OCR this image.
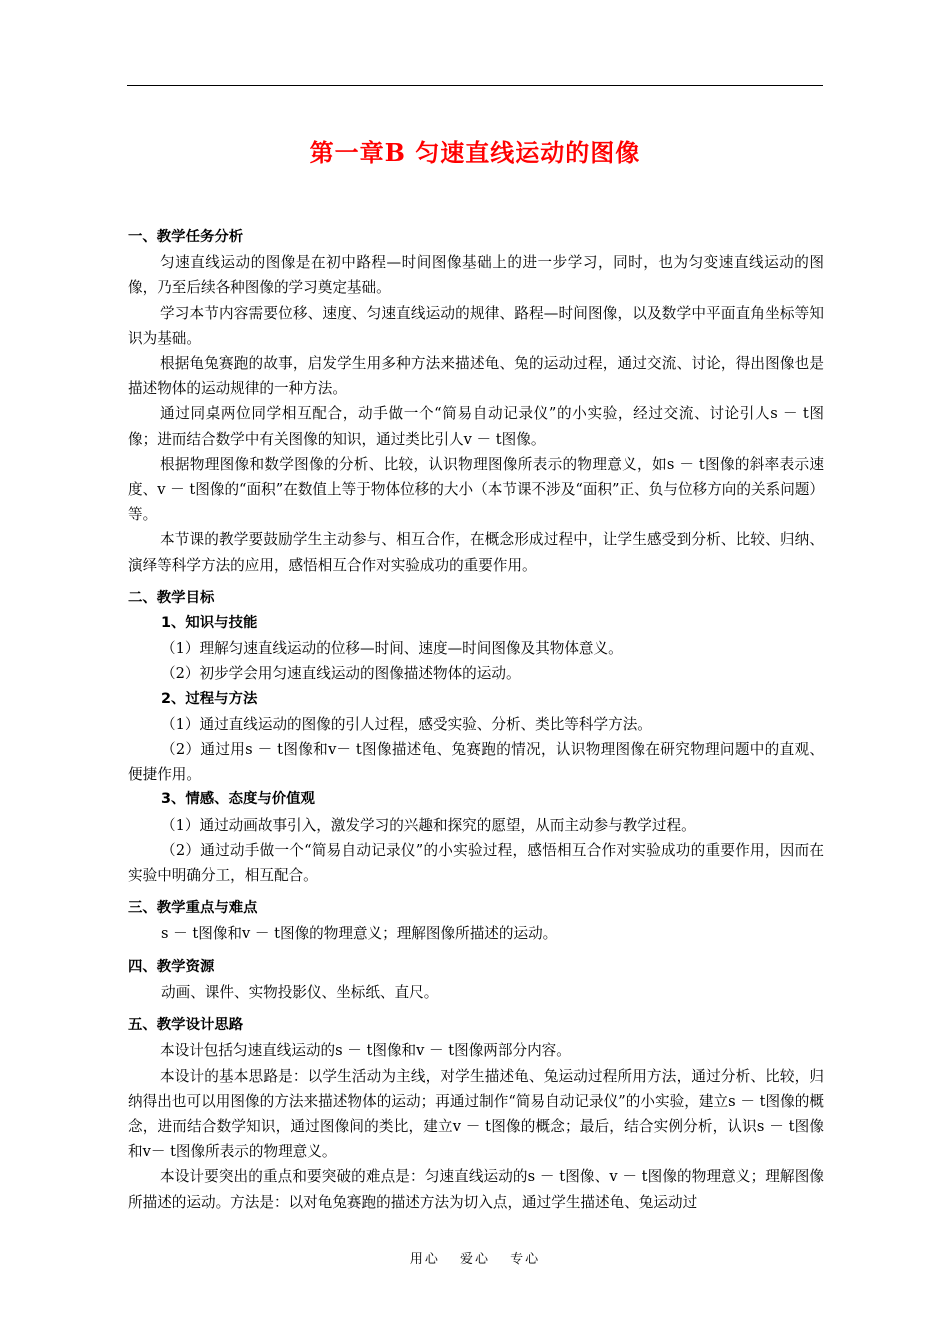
第一章B 匀速直线运动的图像
一、教学任务分析
匀速直线运动的图像是在初中路程—时间图像基础上的进一步学习，同时，也为匀变速直线运动的图像，乃至后续各种图像的学习奠定基础。
学习本节内容需要位移、速度、匀速直线运动的规律、路程—时间图像，以及数学中平面直角坐标等知识为基础。
根据龟兔赛跑的故事，启发学生用多种方法来描述龟、兔的运动过程，通过交流、讨论，得出图像也是描述物体的运动规律的一种方法。
通过同桌两位同学相互配合，动手做一个“简易自动记录仪”的小实验，经过交流、讨论引人s － t图像；进而结合数学中有关图像的知识，通过类比引人v － t图像。
根据物理图像和数学图像的分析、比较，认识物理图像所表示的物理意义，如s － t图像的斜率表示速度、v － t图像的“面积”在数值上等于物体位移的大小（本节课不涉及“面积”正、负与位移方向的关系问题）等。
本节课的教学要鼓励学生主动参与、相互合作，在概念形成过程中，让学生感受到分析、比较、归纳、演绎等科学方法的应用，感悟相互合作对实验成功的重要作用。
二、教学目标
1、知识与技能
（1）理解匀速直线运动的位移—时间、速度—时间图像及其物体意义。
（2）初步学会用匀速直线运动的图像描述物体的运动。
2、过程与方法
（1）通过直线运动的图像的引人过程，感受实验、分析、类比等科学方法。
（2）通过用s － t图像和v－ t图像描述龟、兔赛跑的情况，认识物理图像在研究物理问题中的直观、便捷作用。
3、情感、态度与价值观
（1）通过动画故事引入，激发学习的兴趣和探究的愿望，从而主动参与教学过程。
（2）通过动手做一个“简易自动记录仪”的小实验过程，感悟相互合作对实验成功的重要作用，因而在实验中明确分工，相互配合。
三、教学重点与难点
s － t图像和v － t图像的物理意义；理解图像所描述的运动。
四、教学资源
动画、课件、实物投影仪、坐标纸、直尺。
五、教学设计思路
本设计包括匀速直线运动的s － t图像和v － t图像两部分内容。
本设计的基本思路是：以学生活动为主线，对学生描述龟、兔运动过程所用方法，通过分析、比较，归纳得出也可以用图像的方法来描述物体的运动；再通过制作“简易自动记录仪”的小实验，建立s － t图像的概念，进而结合数学知识，通过图像间的类比，建立v － t图像的概念；最后，结合实例分析，认识s － t图像和v－ t图像所表示的物理意义。
本设计要突出的重点和要突破的难点是：匀速直线运动的s － t图像、v － t图像的物理意义；理解图像所描述的运动。方法是：以对龟兔赛跑的描述方法为切入点，通过学生描述龟、兔运动过
用心 爱心 专心
